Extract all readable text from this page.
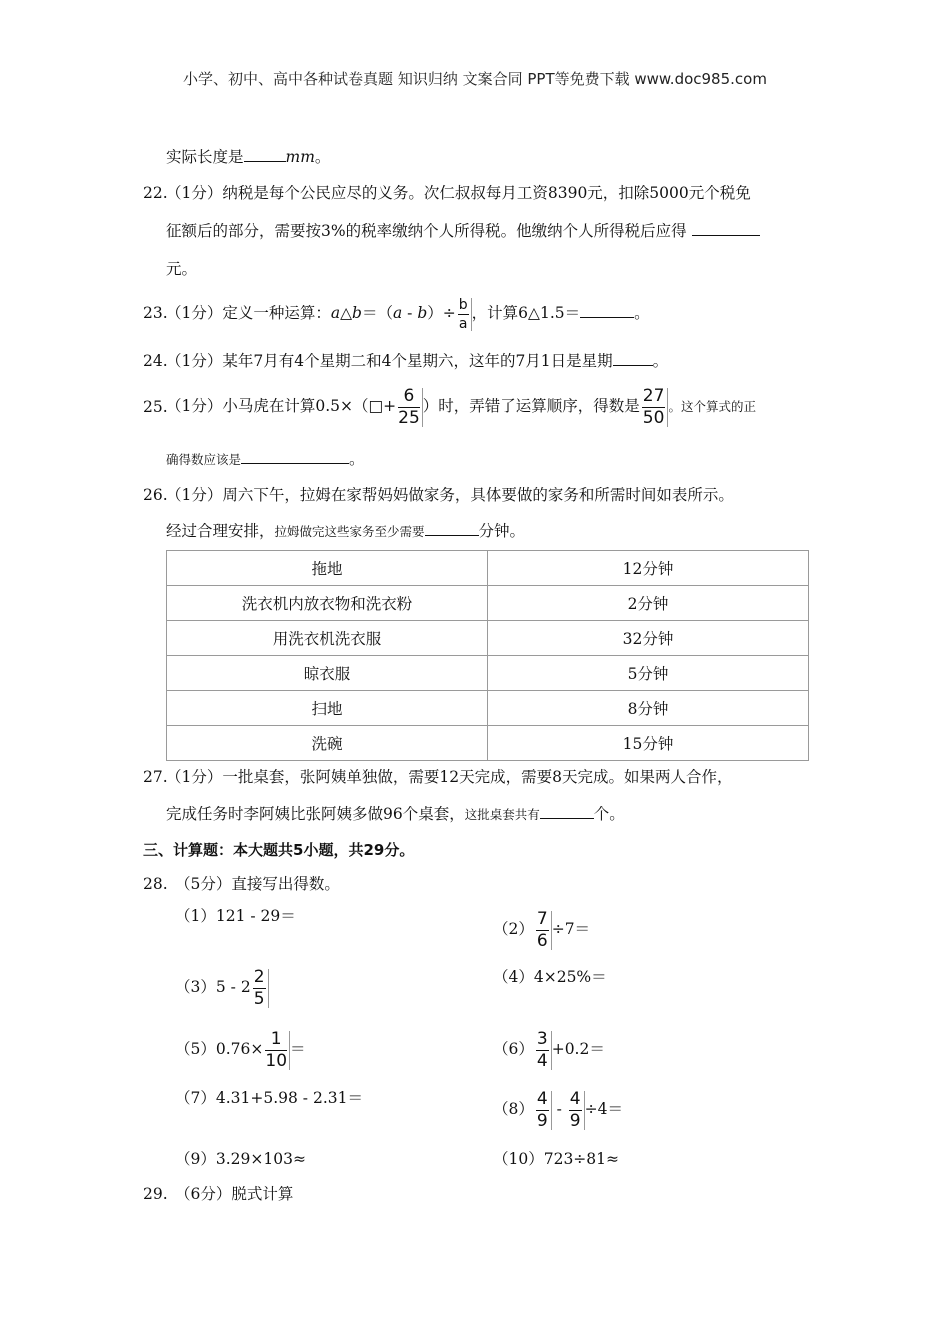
小学、初中、高中各种试卷真题 知识归纳 文案合同 PPT等免费下载 www.doc985.com
实际长度是	mm。
22.
（1分）纳税是每个公民应尽的义务。次仁叔叔每月工资8390元，扣除5000元个税免
征额后的部分，需要按3%的税率缴纳个人所得税。他缴纳个人所得税后应得
元。
23.
（1分）定义一种运算：a△b＝（a - $b)\div \frac{b}{a}$ ，计算6△1.5＝	。
24.
（1分）某年7月有4个星期二和4个星期六，这年的7月1日是星期	。
25.
（1分）小马虎在计算0.5×（□+ $\frac{6}{25}$ ）时，弄错了运算顺序，得数是 $\frac{27}{50}$ 。这个算式的正
确得数应该是	。
26.
（1分）周六下午，拉姆在家帮妈妈做家务，具体要做的家务和所需时间如表所示。
经过合理安排，拉姆做完这些家务至少需要	分钟。
拖地	12分钟
洗衣机内放衣物和洗衣粉	2分钟
用洗衣机洗衣服	32分钟
晾衣服	5分钟
扫地	8分钟
洗碗	15分钟
27.
（1分）一批桌套，张阿姨单独做，需要12天完成，需要8天完成。如果两人合作，
完成任务时李阿姨比张阿姨多做96个桌套，这批桌套共有	个。
三、计算题：本大题共5小题，共29分。
28. （5分）直接写出得数。
（1）121 - 29＝
$(2) \frac{7}{6} \div 7=$
（4）4×25%＝
$(3)5 - 2 \frac{2}{5}$
$(5)0.76\times \frac{1}{10}$ ＝	$(6) \frac{3}{4} +0.2=$
（7）4.31+5.98 - 2.31＝
$(8) \frac{4}{9} - \frac{4}{9} \div 4=$
（9）3.29×103≈	（10）723÷81≈
29. （6分）脱式计算
